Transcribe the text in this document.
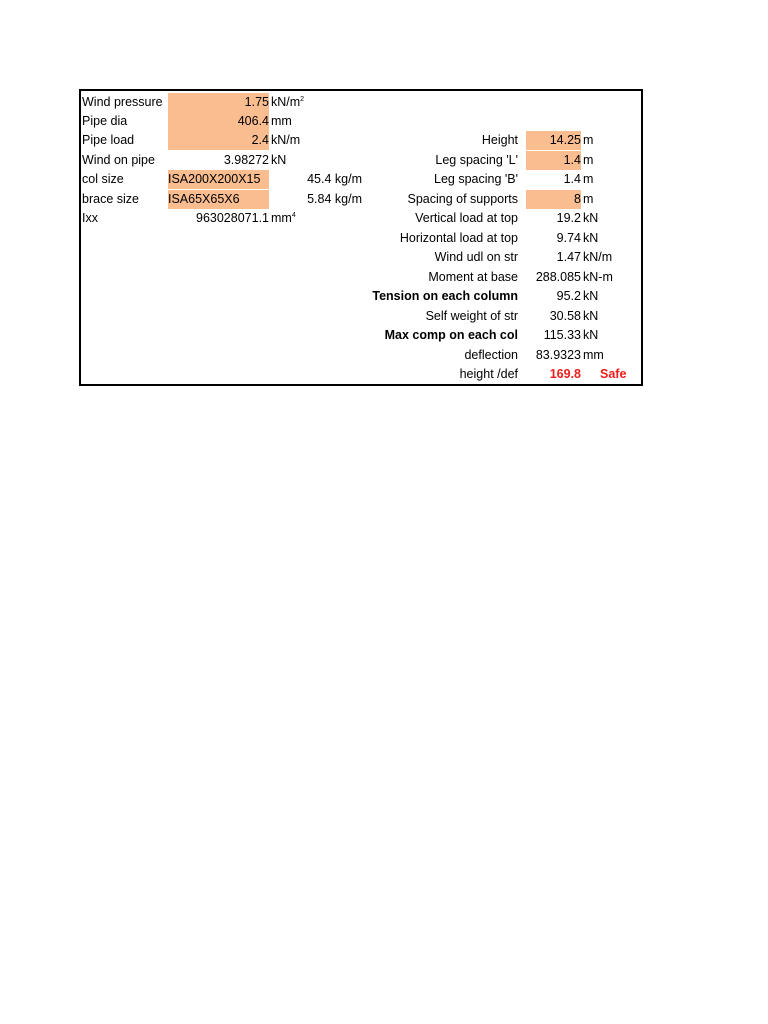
Wind pressure	1.75 $kN/m^2$
Pipe dia	406.4 mm
Pipe load	2.4 kN/m
Wind on pipe	3.98272 kN
col size	ISA200X200X15	45.4 kg/m
brace size	ISA65X65X6	5.84 kg/m
Ixx	963028071.1 $mm^4$
Height	14.25 m
Leg spacing 'L'	1.4 m
Leg spacing 'B'	1.4 m
Spacing of supports	8 m
Vertical load at top	19.2 kN
Horizontal load at top	9.74 kN
Wind udl on str	1.47 kN/m
Moment at base	288.085 kN-m
Tension on each column	95.2 kN
Self weight of str	30.58 kN
Max comp on each col	115.33 kN
deflection	83.9323 mm
height /def	169.8 Safe
